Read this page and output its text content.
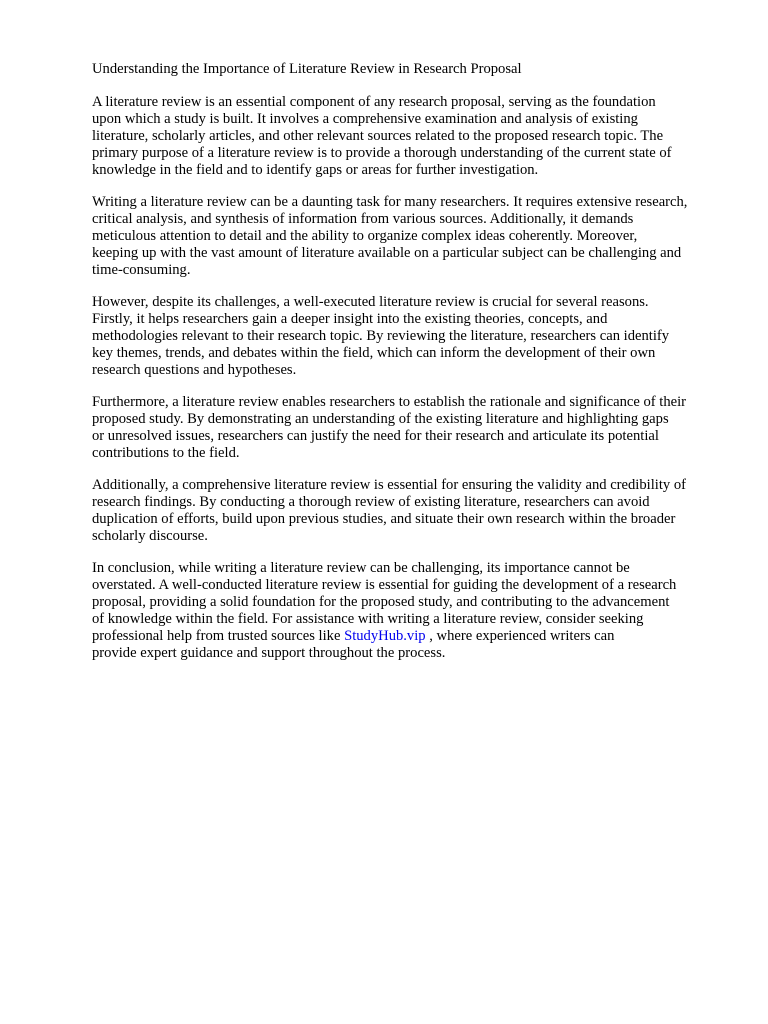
Understanding the Importance of Literature Review in Research Proposal

A literature review is an essential component of any research proposal, serving as the foundation
upon which a study is built. It involves a comprehensive examination and analysis of existing
literature, scholarly articles, and other relevant sources related to the proposed research topic. The
primary purpose of a literature review is to provide a thorough understanding of the current state of
knowledge in the field and to identify gaps or areas for further investigation.

Writing a literature review can be a daunting task for many researchers. It requires extensive research,
critical analysis, and synthesis of information from various sources. Additionally, it demands
meticulous attention to detail and the ability to organize complex ideas coherently. Moreover,
keeping up with the vast amount of literature available on a particular subject can be challenging and
time-consuming.

However, despite its challenges, a well-executed literature review is crucial for several reasons.
Firstly, it helps researchers gain a deeper insight into the existing theories, concepts, and
methodologies relevant to their research topic. By reviewing the literature, researchers can identify
key themes, trends, and debates within the field, which can inform the development of their own
research questions and hypotheses.

Furthermore, a literature review enables researchers to establish the rationale and significance of their
proposed study. By demonstrating an understanding of the existing literature and highlighting gaps
or unresolved issues, researchers can justify the need for their research and articulate its potential
contributions to the field.

Additionally, a comprehensive literature review is essential for ensuring the validity and credibility of
research findings. By conducting a thorough review of existing literature, researchers can avoid
duplication of efforts, build upon previous studies, and situate their own research within the broader
scholarly discourse.

In conclusion, while writing a literature review can be challenging, its importance cannot be
overstated. A well-conducted literature review is essential for guiding the development of a research
proposal, providing a solid foundation for the proposed study, and contributing to the advancement
of knowledge within the field. For assistance with writing a literature review, consider seeking
professional help from trusted sources like StudyHub.vip , where experienced writers can
provide expert guidance and support throughout the process.
